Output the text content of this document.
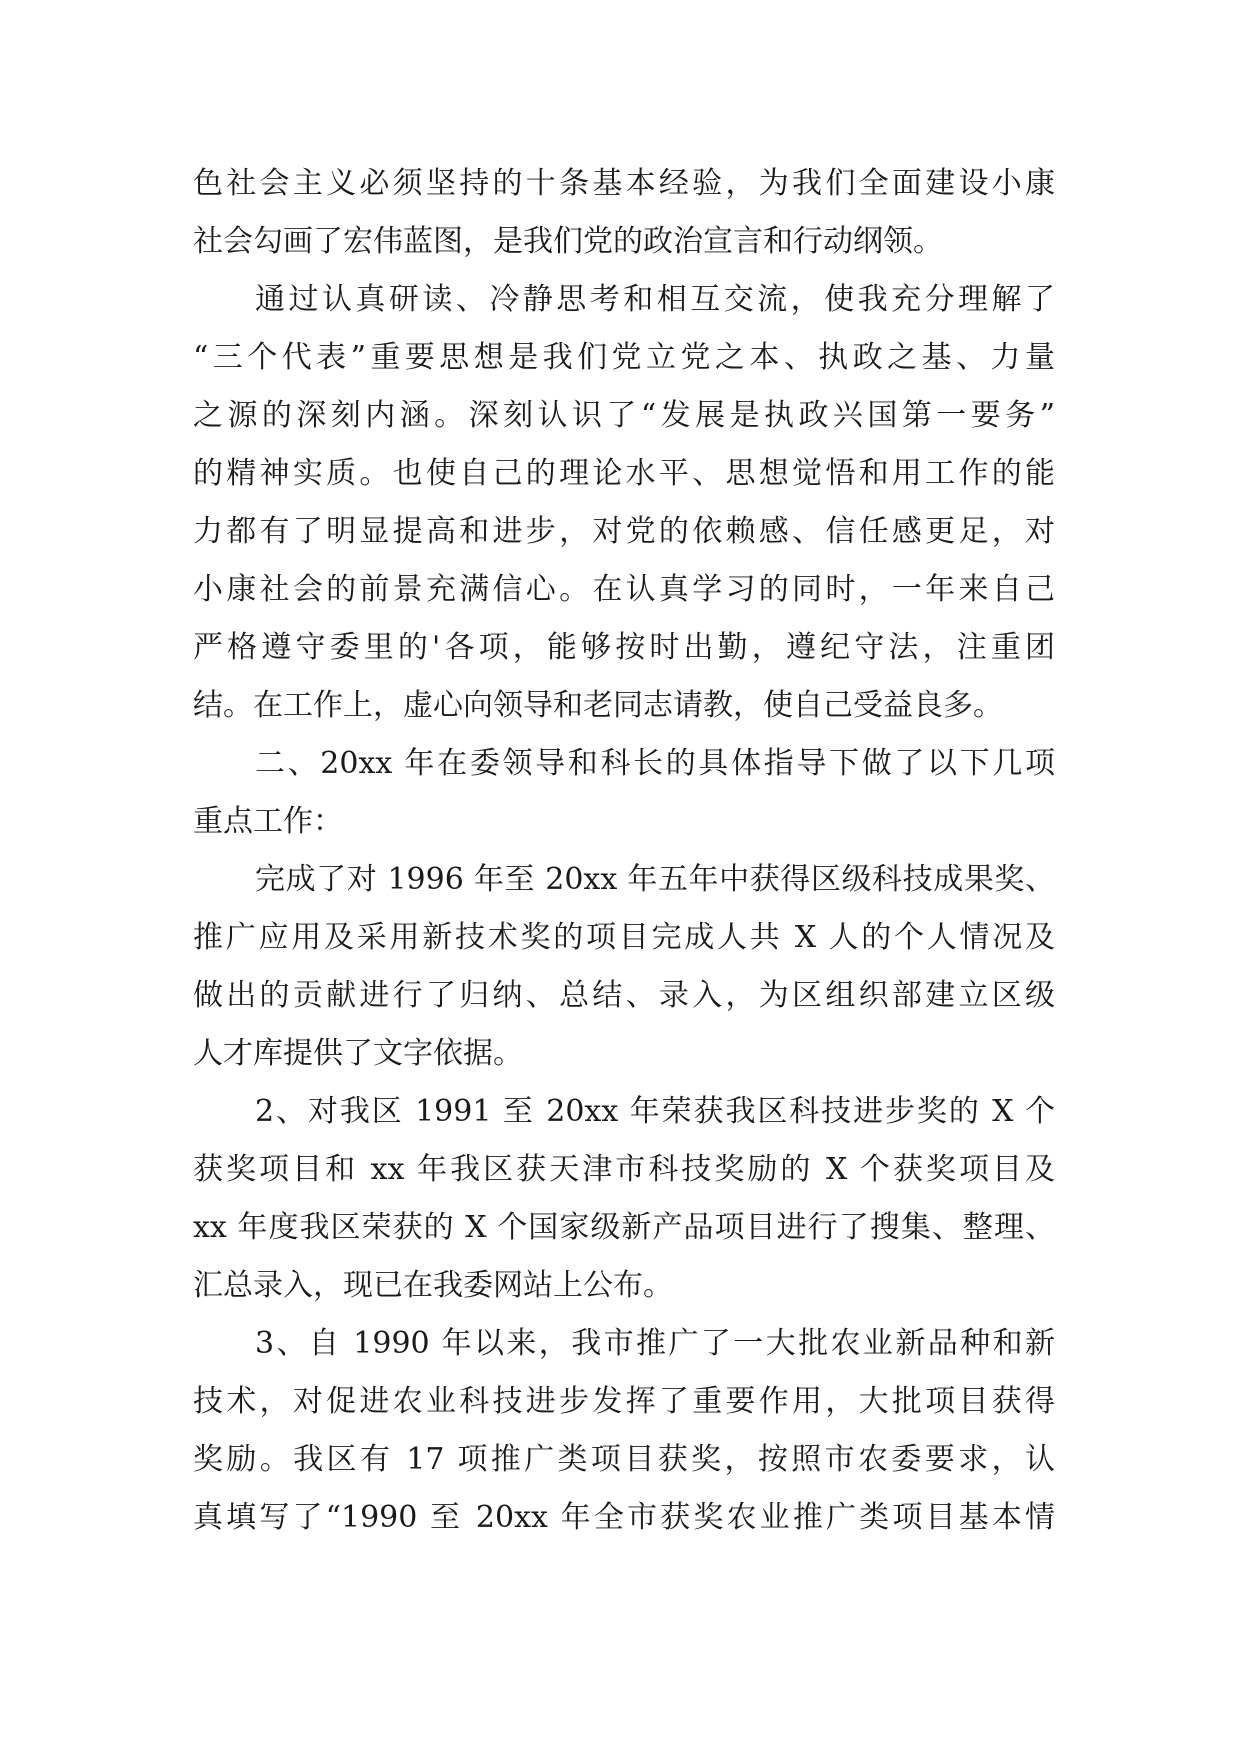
色社会主义必须坚持的十条基本经验，为我们全面建设小康
社会勾画了宏伟蓝图，是我们党的政治宣言和行动纲领。
通过认真研读、冷静思考和相互交流，使我充分理解了
“三个代表”重要思想是我们党立党之本、执政之基、力量
之源的深刻内涵。深刻认识了“发展是执政兴国第一要务”
的精神实质。也使自己的理论水平、思想觉悟和用工作的能
力都有了明显提高和进步，对党的依赖感、信任感更足，对
小康社会的前景充满信心。在认真学习的同时，一年来自己
严格遵守委里的'各项，能够按时出勤，遵纪守法，注重团
结。在工作上，虚心向领导和老同志请教，使自己受益良多。
二、20xx 年在委领导和科长的具体指导下做了以下几项
重点工作：
完成了对 1996 年至 20xx 年五年中获得区级科技成果奖、
推广应用及采用新技术奖的项目完成人共 X 人的个人情况及
做出的贡献进行了归纳、总结、录入，为区组织部建立区级
人才库提供了文字依据。
2、对我区 1991 至 20xx 年荣获我区科技进步奖的 X 个
获奖项目和 xx 年我区获天津市科技奖励的 X 个获奖项目及
xx 年度我区荣获的 X 个国家级新产品项目进行了搜集、整理、
汇总录入，现已在我委网站上公布。
3、自 1990 年以来，我市推广了一大批农业新品种和新
技术，对促进农业科技进步发挥了重要作用，大批项目获得
奖励。我区有 17 项推广类项目获奖，按照市农委要求，认
真填写了“1990 至 20xx 年全市获奖农业推广类项目基本情
